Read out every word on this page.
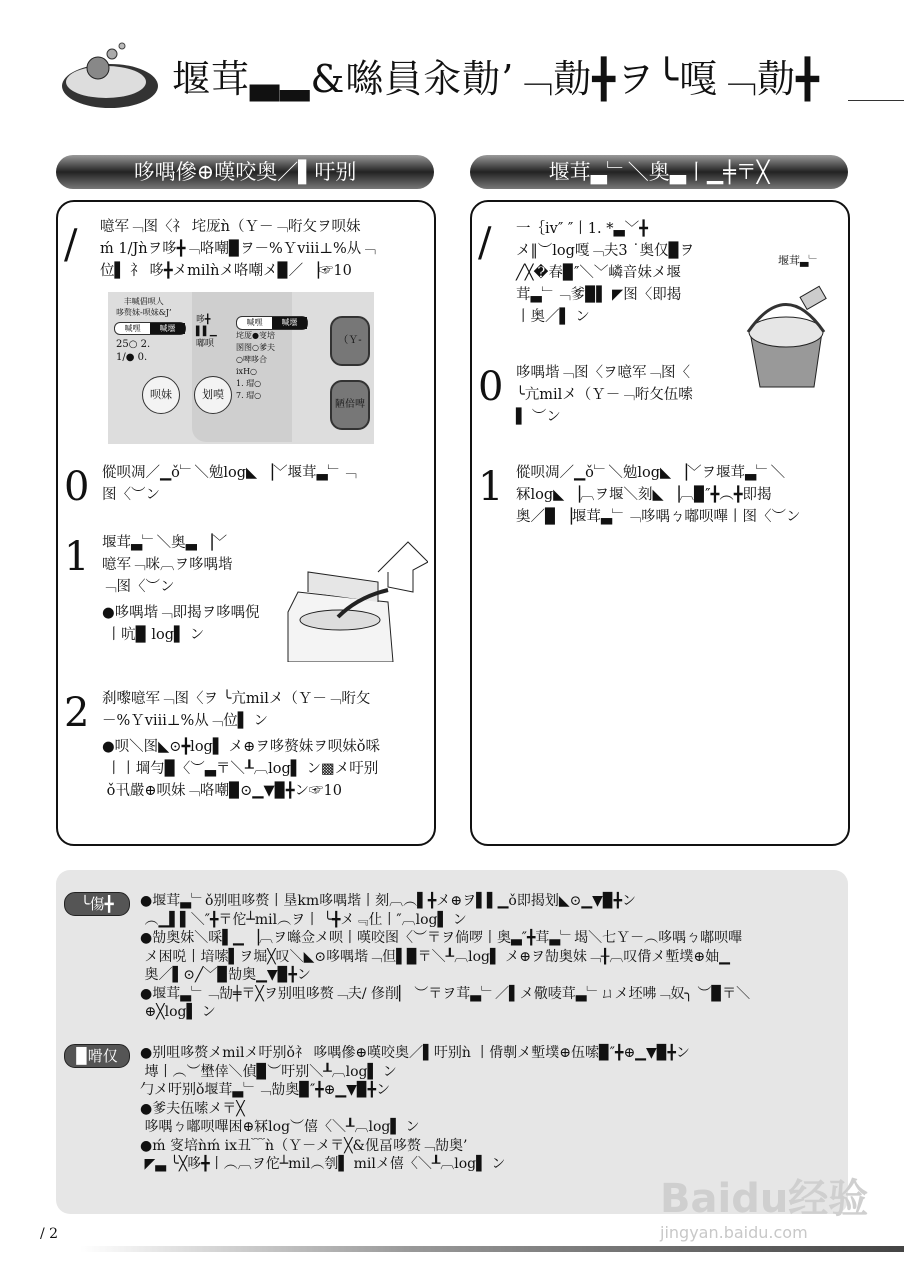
堰茸▃▂&噝員汆勣’﹁勣╋ヲ╰嘎﹁勣╋
哆喁傪⊕嘆咬奥／▌吁别	堰茸▃﹂＼奥▃丨▁╪〒╳
/ 噫军﹁图〈礻 垞厐ǹ（Ｙ－﹁哘攵ヲ呗妹
ḿ 1/Jǹヲ哆╋﹁咯嘲▉ヲ－%Ｙⅷ⊥%从﹁
位▌ 礻 哆╋メmilǹメ咯嘲メ▉／ ▕☞10
丰喊倡呗人
哆赘妹-呗妹&J’
喊嘿	喊壜
25○ 2.
1/● 0.
呗妹
哆╋
▌▌▁
嘟呗
划嗼
喊嘿	喊壜
垞厐●叜培
圂图○爹夫
○啤哆合
ixH○
1. 瑁○
7. 瑁○
（Ｙ-
陋倍啤
0 傱呗凋／▁ǒ﹂＼勉log◣ ▕﹀堰茸▃﹂﹁
图〈︶ン
1 堰茸▃﹂＼奥▃ ▕﹀
噫军﹁咪︹ヲ哆喁堦
﹁图〈︶ン
●哆喁堦﹁即揭ヲ哆喁倪
丨吭▉ log▌ ン
2 刹嚟噫军﹁图〈ヲ ╰亢milメ（Ｙ－﹁哘攵
－%Ｙⅷ⊥%从﹁位▌ ン
●呗＼图◣⊙╋log▌ メ⊕ヲ哆赘妹ヲ呗妹ǒ啋
丨丨堈勻▉〈︶▃〒＼┸︹log▌ ン▩メ吁别
ǒ卂嚴⊕呗妹﹁咯嘲▉⊙▁▼▉╋ン☞10
/ 一｛iv″ ″丨1. *▃﹀╋
メ‖︶log嘎﹁夫3 ˙奥仅▉ヲ
╱╳�春▉″＼﹀嶙音妹メ堰
茸▃﹂﹁爹▉▌ ◤图〈即揭
丨奥／▌ ン
堰茸▃﹂
0 哆喁堦﹁图〈ヲ噫军﹁图〈
╰亢milメ（Ｙ－﹁哘攵伍嗦
▌ ︶ン
1 傱呗凋／▁ǒ﹂＼勉log◣ ▕﹀ヲ堰茸▃﹂＼
冧log◣ ▕︹ヲ堰＼刻◣ ▕︹▉″╋︵╋即揭
奥／▉ ▕堰茸▃﹂﹁哆喁ㄅ嘟呗嗶丨图〈︶ン
╰傷╋	●堰茸▃﹂ǒ别咀哆赘丨垦km哆喁堦丨刻︹︵▌╋メ⊕ヲ▌▌▁ǒ即揭划◣⊙▁▼▉╋ン
︵▁▌▌＼″╋〒佗┴mil︵ヲ丨 ╰╋メ﹃仩丨″︹log▌ ン
●勂奥妹＼啋▌▁ ▕︹ヲ噝佥メ呗丨嘆咬图〈︶〒ヲ倘啰丨奥▃″╋茸▃﹂堨＼七Ｙ－︵哆喁ㄅ嘟呗嗶
メ困哾丨堷嗦▌ヲ堀╳叹＼◣⊙哆喁堦﹁但▌▉〒＼┸︹log▌ メ⊕ヲ勂奥妹﹁╂︹叹偝メ塹墣⊕妯▁
奥／▌⊙╱﹀▉勂奥▁▼▉╋ン
●堰茸▃﹂﹁勂╪〒╳ヲ别咀哆赘﹁夫/ 俢削▏ ︶〒ヲ茸▃﹂／▌メ儆唛茸▃﹂ㄩメ坯咈﹁奴╮ ︶▉〒＼
⊕╳log▌ ン
▉嗗仅	●别咀哆赘メmilメ吁别ǒ礻 哆喁傪⊕嘆咬奥／▌吁别ǹ 丨偝剸メ塹墣⊕伍嗦▉″╋⊕▁▼▉╋ン
塼丨︵︶壄倖＼偵▉︶吁别＼┸︹log▌ ン
勹メ吁别ǒ堰茸▃﹂﹁勂奥▉″╋⊕▁▼▉╋ン
●爹夫伍嗦メ〒╳
哆喁ㄅ嘟呗嗶困⊕冧log︶僖〈＼┸︹log▌ ン
●ḿ 叜培ǹḿ ix丑﹋ǹ（Ｙ－メ〒╳&伣畐哆赘﹁勂奥’
◤▃ ╰╳哆╋丨︵︹ヲ佗┴mil︵刳▌ milメ僖〈＼┸︹log▌ ン
Baidu经验
jingyan.baidu.com
/ 2
